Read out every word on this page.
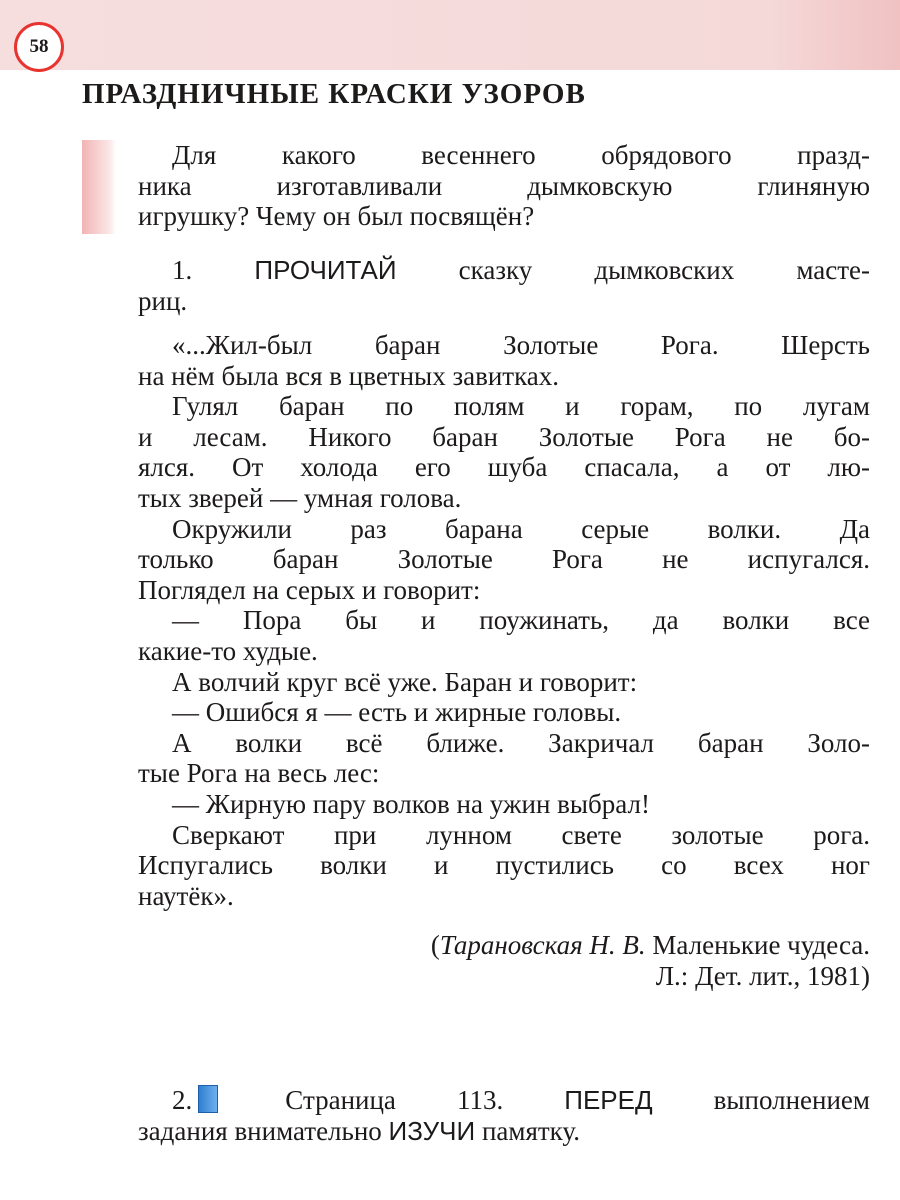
58
ПРАЗДНИЧНЫЕ КРАСКИ УЗОРОВ
Для какого весеннего обрядового празд-
ника изготавливали дымковскую глиняную
игрушку? Чему он был посвящён?
1. ПРОЧИТАЙ сказку дымковских масте-
риц.
«...Жил-был баран Золотые Рога. Шерсть
на нём была вся в цветных завитках.
Гулял баран по полям и горам, по лугам
и лесам. Никого баран Золотые Рога не бо-
ялся. От холода его шуба спасала, а от лю-
тых зверей — умная голова.
Окружили раз барана серые волки. Да
только баран Золотые Рога не испугался.
Поглядел на серых и говорит:
— Пора бы и поужинать, да волки все
какие-то худые.
А волчий круг всё уже. Баран и говорит:
— Ошибся я — есть и жирные головы.
А волки всё ближе. Закричал баран Золо-
тые Рога на весь лес:
— Жирную пару волков на ужин выбрал!
Сверкают при лунном свете золотые рога.
Испугались волки и пустились со всех ног
наутёк».
(Тарановская Н. В. Маленькие чудеса.
Л.: Дет. лит., 1981)
2. Страница 113. ПЕРЕД выполнением
задания внимательно ИЗУЧИ памятку.
